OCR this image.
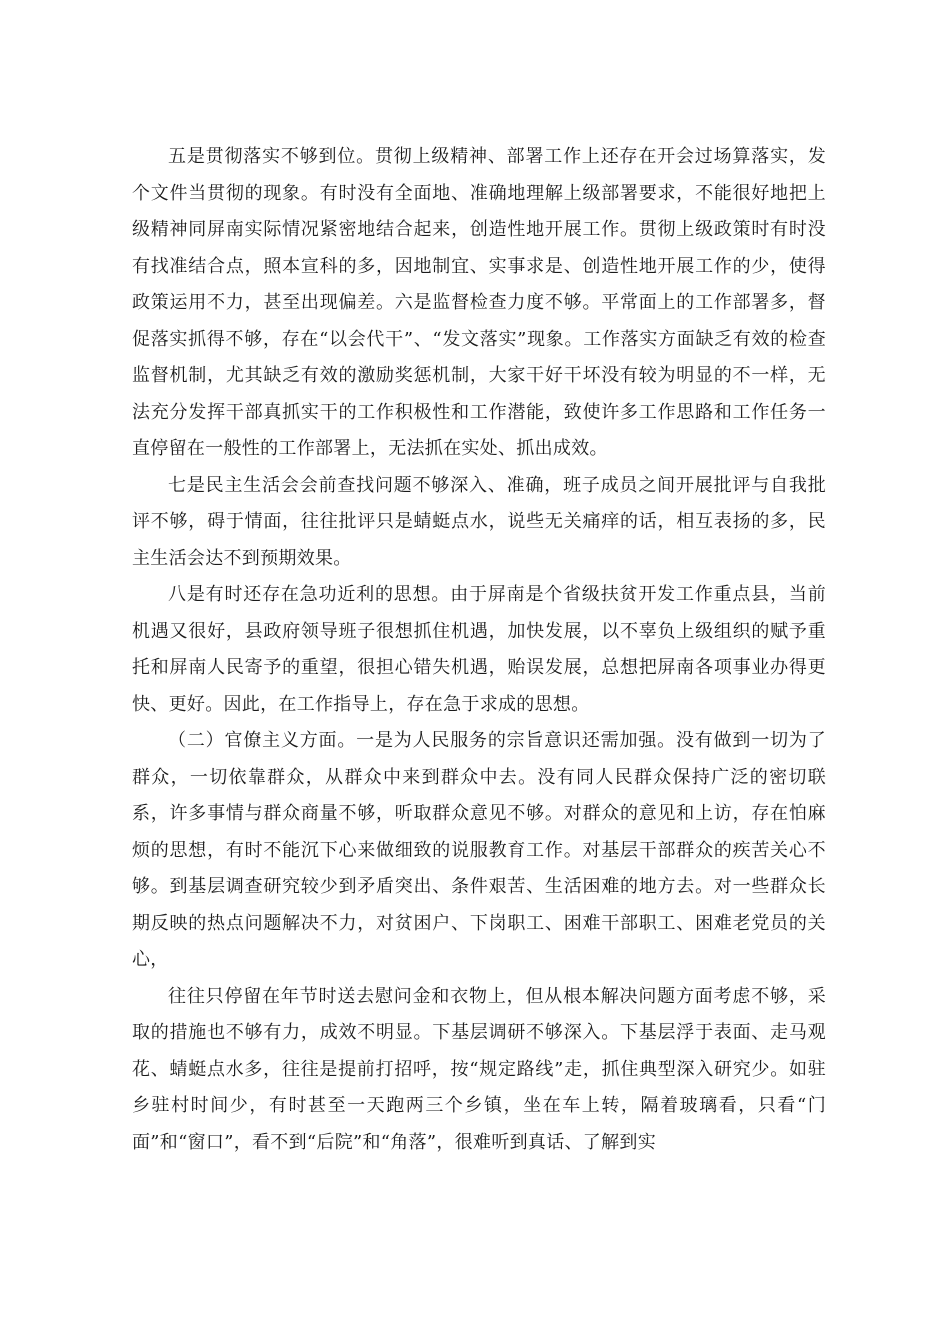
五是贯彻落实不够到位。贯彻上级精神、部署工作上还存在开会过场算落实，发个文件当贯彻的现象。有时没有全面地、准确地理解上级部署要求，不能很好地把上级精神同屏南实际情况紧密地结合起来，创造性地开展工作。贯彻上级政策时有时没有找准结合点，照本宣科的多，因地制宜、实事求是、创造性地开展工作的少，使得政策运用不力，甚至出现偏差。六是监督检查力度不够。平常面上的工作部署多，督促落实抓得不够，存在“以会代干”、“发文落实”现象。工作落实方面缺乏有效的检查监督机制，尤其缺乏有效的激励奖惩机制，大家干好干坏没有较为明显的不一样，无法充分发挥干部真抓实干的工作积极性和工作潜能，致使许多工作思路和工作任务一直停留在一般性的工作部署上，无法抓在实处、抓出成效。

七是民主生活会会前查找问题不够深入、准确，班子成员之间开展批评与自我批评不够，碍于情面，往往批评只是蜻蜓点水，说些无关痛痒的话，相互表扬的多，民主生活会达不到预期效果。

八是有时还存在急功近利的思想。由于屏南是个省级扶贫开发工作重点县，当前机遇又很好，县政府领导班子很想抓住机遇，加快发展，以不辜负上级组织的赋予重托和屏南人民寄予的重望，很担心错失机遇，贻误发展，总想把屏南各项事业办得更快、更好。因此，在工作指导上，存在急于求成的思想。

（二）官僚主义方面。一是为人民服务的宗旨意识还需加强。没有做到一切为了群众，一切依靠群众，从群众中来到群众中去。没有同人民群众保持广泛的密切联系，许多事情与群众商量不够，听取群众意见不够。对群众的意见和上访，存在怕麻烦的思想，有时不能沉下心来做细致的说服教育工作。对基层干部群众的疾苦关心不够。到基层调查研究较少到矛盾突出、条件艰苦、生活困难的地方去。对一些群众长期反映的热点问题解决不力，对贫困户、下岗职工、困难干部职工、困难老党员的关心，

往往只停留在年节时送去慰问金和衣物上，但从根本解决问题方面考虑不够，采取的措施也不够有力，成效不明显。下基层调研不够深入。下基层浮于表面、走马观花、蜻蜓点水多，往往是提前打招呼，按“规定路线”走，抓住典型深入研究少。如驻乡驻村时间少，有时甚至一天跑两三个乡镇，坐在车上转，隔着玻璃看，只看“门面”和“窗口”，看不到“后院”和“角落”，很难听到真话、了解到实
